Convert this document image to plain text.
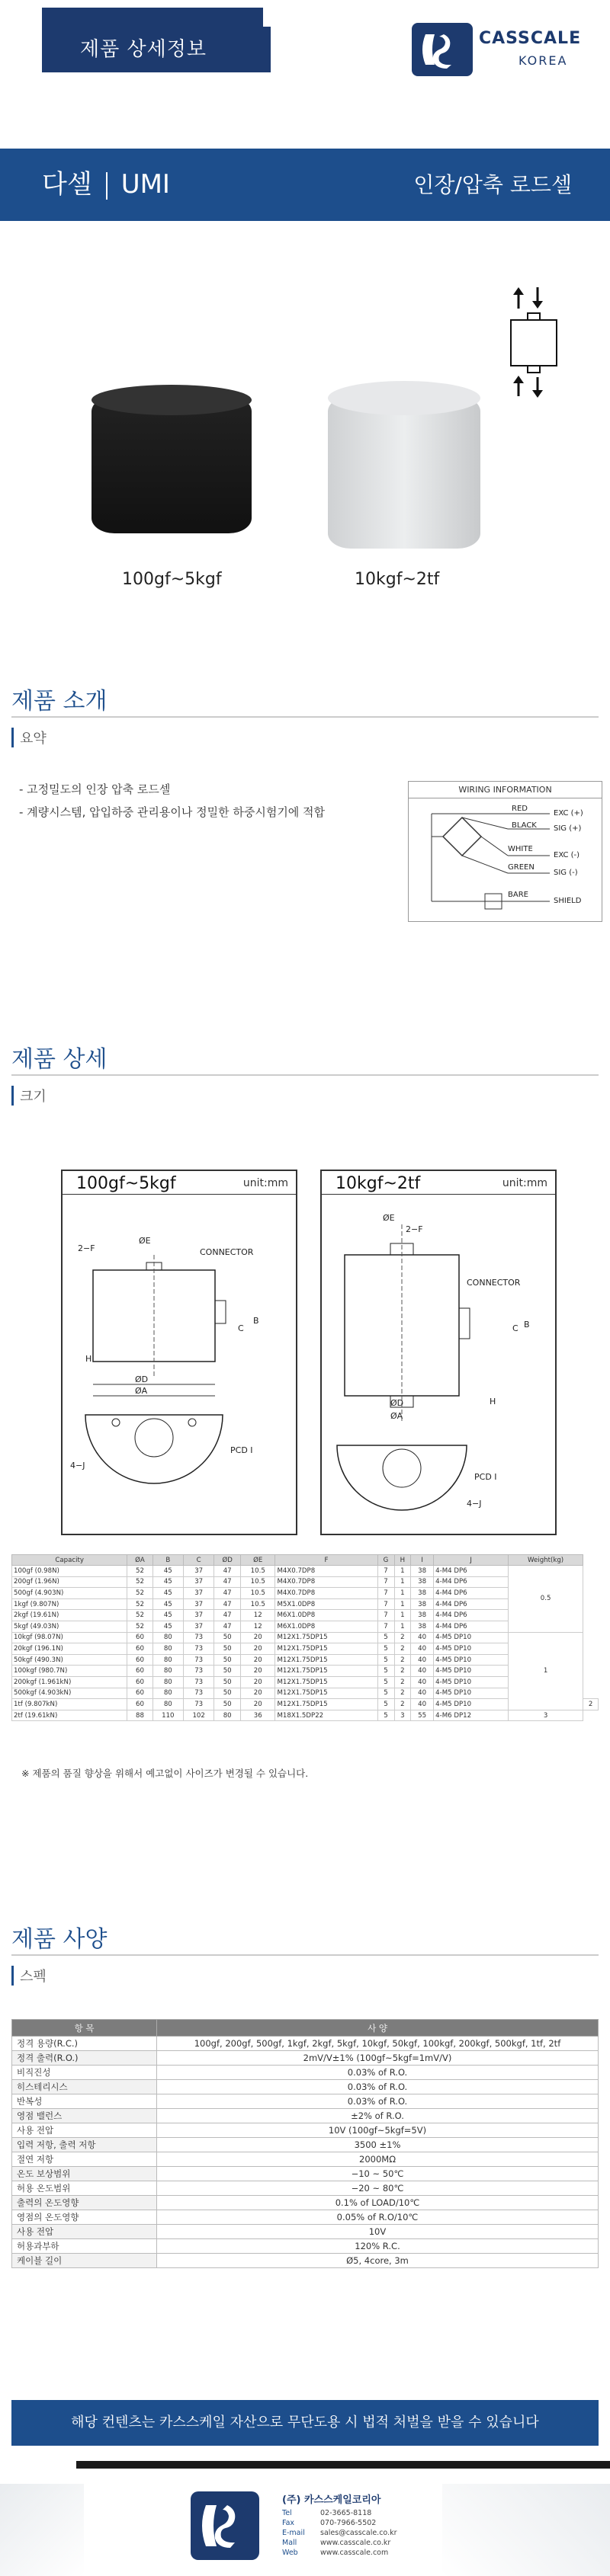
제품 상세정보	CASSCALE
KOREA
다셀 UMI	인장/압축 로드셀
100gf~5kgf	10kgf~2tf
제품 소개
요약
- 고정밀도의 인장 압축 로드셀
- 계량시스템, 압입하중 관리용이나 정밀한 하중시험기에 적합
WIRING INFORMATION
RED
BLACK
WHITE
GREEN
BARE
EXC (+)
SIG (+)
EXC (-)
SIG (-)
SHIELD
제품 상세
크기
100gf~5kgf	unit:mm
CONNECTOR
ØD
ØA
C
B
H
2−F
ØE
PCD I
4−J
10kgf~2tf	unit:mm
CONNECTOR
ØE
2−F
ØD
ØA
C B
H
PCD I
4−J
Capacity	ØA	B	C	ØD	ØE	F	G	H	I	J	Weight(kg)	
100gf (0.98N)	52	45	37	47	10.5	M4X0.7DP8	7	1	38	4-M4 DP6	0.5	
200gf (1.96N)	52	45	37	47	10.5	M4X0.7DP8	7	1	38	4-M4 DP6		
500gf (4.903N)	52	45	37	47	10.5	M4X0.7DP8	7	1	38	4-M4 DP6		
1kgf (9.807N)	52	45	37	47	10.5	M5X1.0DP8	7	1	38	4-M4 DP6		
2kgf (19.61N)	52	45	37	47	12	M6X1.0DP8	7	1	38	4-M4 DP6		
5kgf (49.03N)	52	45	37	47	12	M6X1.0DP8	7	1	38	4-M4 DP6		
10kgf (98.07N)	60	80	73	50	20	M12X1.75DP15	5	2	40	4-M5 DP10	1	
20kgf (196.1N)	60	80	73	50	20	M12X1.75DP15	5	2	40	4-M5 DP10		
50kgf (490.3N)	60	80	73	50	20	M12X1.75DP15	5	2	40	4-M5 DP10		
100kgf (980.7N)	60	80	73	50	20	M12X1.75DP15	5	2	40	4-M5 DP10		
200kgf (1.961kN)	60	80	73	50	20	M12X1.75DP15	5	2	40	4-M5 DP10		
500kgf (4.903kN)	60	80	73	50	20	M12X1.75DP15	5	2	40	4-M5 DP10		
1tf (9.807kN)	60	80	73	50	20	M12X1.75DP15	5	2	40	4-M5 DP10		2
2tf (19.61kN)	88	110	102	80	36	M18X1.5DP22	5	3	55	4-M6 DP12	3	
※ 제품의 품질 향상을 위해서 예고없이 사이즈가 변경될 수 있습니다.
제품 사양
스펙
항 목	사 양
정격 용량(R.C.)	100gf, 200gf, 500gf, 1kgf, 2kgf, 5kgf, 10kgf, 50kgf, 100kgf, 200kgf, 500kgf, 1tf, 2tf
정격 출력(R.O.)	2mV/V±1% (100gf~5kgf=1mV/V)
비직진성	0.03% of R.O.
히스테리시스	0.03% of R.O.
반복성	0.03% of R.O.
영점 밸런스	±2% of R.O.
사용 전압	10V (100gf~5kgf=5V)
입력 저항, 출력 저항	3500 ±1%
절연 저항	2000MΩ
온도 보상범위	−10 ~ 50℃
허용 온도범위	−20 ~ 80℃
출력의 온도영향	0.1% of LOAD/10℃
영점의 온도영향	0.05% of R.O/10℃
사용 전압	10V
허용과부하	120% R.C.
케이블 길이	Ø5, 4core, 3m
해당 컨텐츠는 카스스케일 자산으로 무단도용 시 법적 처벌을 받을 수 있습니다
(주) 카스스케일코리아
Tel	02-3665-8118
Fax	070-7966-5502
E-mail sales@casscale.co.kr
Mall	www.casscale.co.kr
Web	www.casscale.com
